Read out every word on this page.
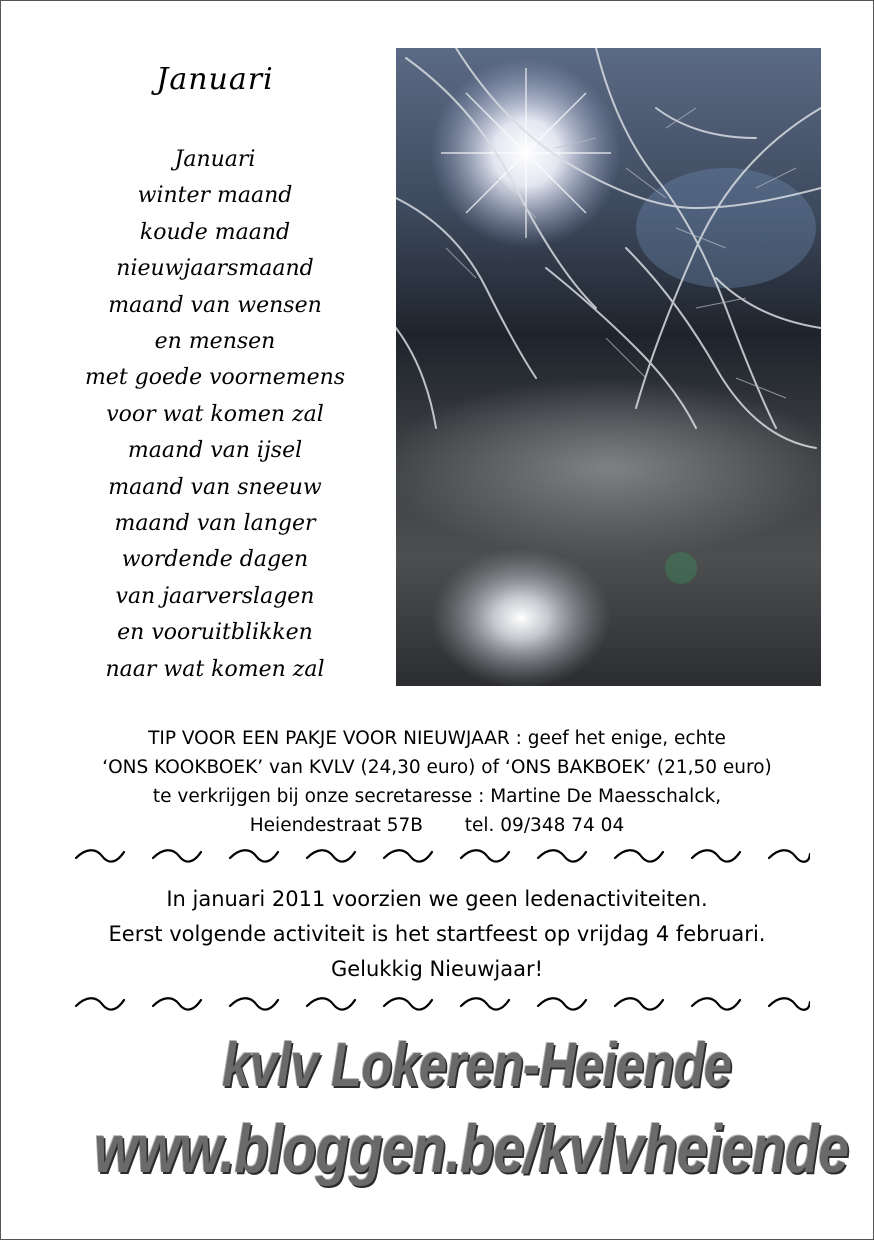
Januari
Januari
winter maand
koude maand
nieuwjaarsmaand
maand van wensen
en mensen
met goede voornemens
voor wat komen zal
maand van ijsel
maand van sneeuw
maand van langer
wordende dagen
van jaarverslagen
en vooruitblikken
naar wat komen zal
TIP VOOR EEN PAKJE VOOR NIEUWJAAR : geef het enige, echte
‘ONS KOOKBOEK’ van KVLV (24,30 euro) of ‘ONS BAKBOEK’ (21,50 euro)
te verkrijgen bij onze secretaresse : Martine De Maesschalck,
Heiendestraat 57B tel. 09/348 74 04
In januari 2011 voorzien we geen ledenactiviteiten.
Eerst volgende activiteit is het startfeest op vrijdag 4 februari.
Gelukkig Nieuwjaar!
kvlv Lokeren-Heiende
www.bloggen.be/kvlvheiende
